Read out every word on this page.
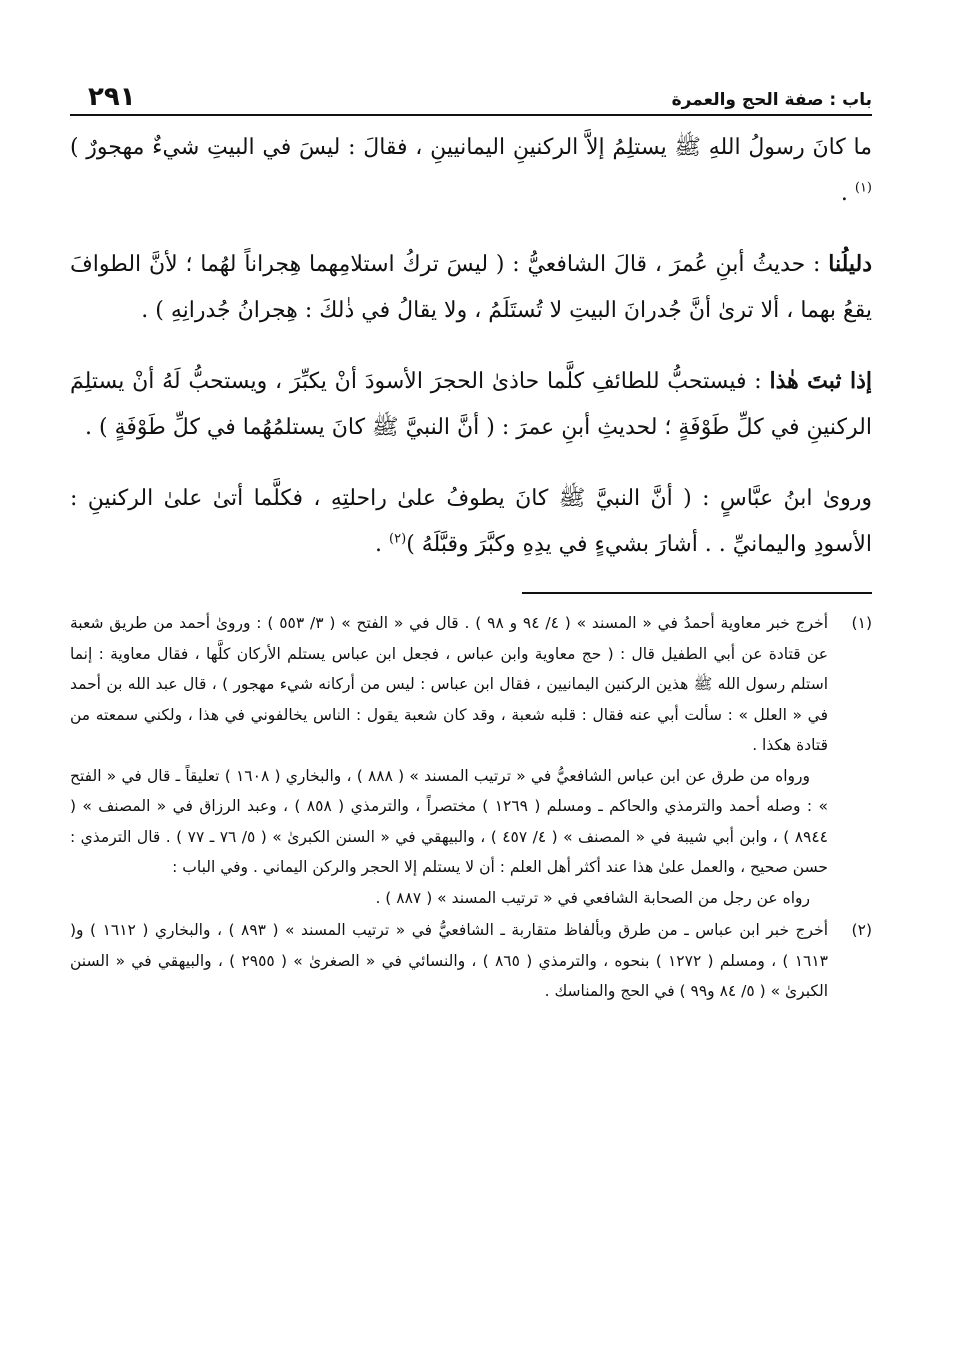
باب : صفة الحج والعمرة
٢٩١

ما كانَ رسولُ اللهِ ﷺ يستلِمُ إلاَّ الركنينِ اليمانيينِ ، فقالَ : ليسَ في البيتِ شيءٌ مهجورٌ )$^{(١)}$ .

دليلُنا : حديثُ أبنِ عُمرَ ، قالَ الشافعيُّ : ( ليسَ تركُ استلامِهما هِجراناً لهُما ؛ لأنَّ الطوافَ يقعُ بهما ، ألا ترىٰ أنَّ جُدرانَ البيتِ لا تُستَلَمُ ، ولا يقالُ في ذٰلكَ : هِجرانُ جُدرانِهِ ) .

إذا ثبتَ هٰذا : فيستحبُّ للطائفِ كلَّما حاذىٰ الحجرَ الأسودَ أنْ يكبِّرَ ، ويستحبُّ لَهُ أنْ يستلِمَ الركنينِ في كلِّ طَوْفَةٍ ؛ لحديثِ أبنِ عمرَ : ( أنَّ النبيَّ ﷺ كانَ يستلمُهُما في كلِّ طَوْفَةٍ ) .

ورویٰ ابنُ عبَّاسٍ : ( أنَّ النبيَّ ﷺ كانَ يطوفُ علىٰ راحلتِهِ ، فكلَّما أتىٰ علىٰ الركنينِ : الأسودِ واليمانيِّ . . أشارَ بشيءٍ في يدِهِ وكبَّرَ وقبَّلَهُ )$^{(٢)}$ .

(١)

أخرج خبر معاوية أحمدُ في « المسند » ( ٤/ ٩٤ و ٩٨ ) . قال في « الفتح » ( ٣/ ٥٥٣ ) : وروىٰ أحمد من طريق شعبة عن قتادة عن أبي الطفيل قال : ( حج معاوية وابن عباس ، فجعل ابن عباس يستلم الأركان كلَّها ، فقال معاوية : إنما استلم رسول الله ﷺ هذين الركنين اليمانيين ، فقال ابن عباس : ليس من أركانه شيء مهجور ) ، قال عبد الله بن أحمد في « العلل » : سألت أبي عنه فقال : قلبه شعبة ، وقد كان شعبة يقول : الناس يخالفوني في هذا ، ولكني سمعته من قتادة هكذا .

ورواه من طرق عن ابن عباس الشافعيُّ في « ترتيب المسند » ( ٨٨٨ ) ، والبخاري ( ١٦٠٨ ) تعليقاً ـ قال في « الفتح » : وصله أحمد والترمذي والحاكم ـ ومسلم ( ١٢٦٩ ) مختصراً ، والترمذي ( ٨٥٨ ) ، وعبد الرزاق في « المصنف » ( ٨٩٤٤ ) ، وابن أبي شيبة في « المصنف » ( ٤/ ٤٥٧ ) ، والبيهقي في « السنن الكبرىٰ » ( ٥/ ٧٦ ـ ٧٧ ) . قال الترمذي : حسن صحيح ، والعمل علىٰ هذا عند أكثر أهل العلم : أن لا يستلم إلا الحجر والركن اليماني . وفي الباب :

رواه عن رجل من الصحابة الشافعي في « ترتيب المسند » ( ٨٨٧ ) .

(٢)

أخرج خبر ابن عباس ـ من طرق وبألفاظ متقاربة ـ الشافعيُّ في « ترتيب المسند » ( ٨٩٣ ) ، والبخاري ( ١٦١٢ ) و( ١٦١٣ ) ، ومسلم ( ١٢٧٢ ) بنحوه ، والترمذي ( ٨٦٥ ) ، والنسائي في « الصغرىٰ » ( ٢٩٥٥ ) ، والبيهقي في « السنن الكبرىٰ » ( ٥/ ٨٤ و٩٩ ) في الحج والمناسك .
